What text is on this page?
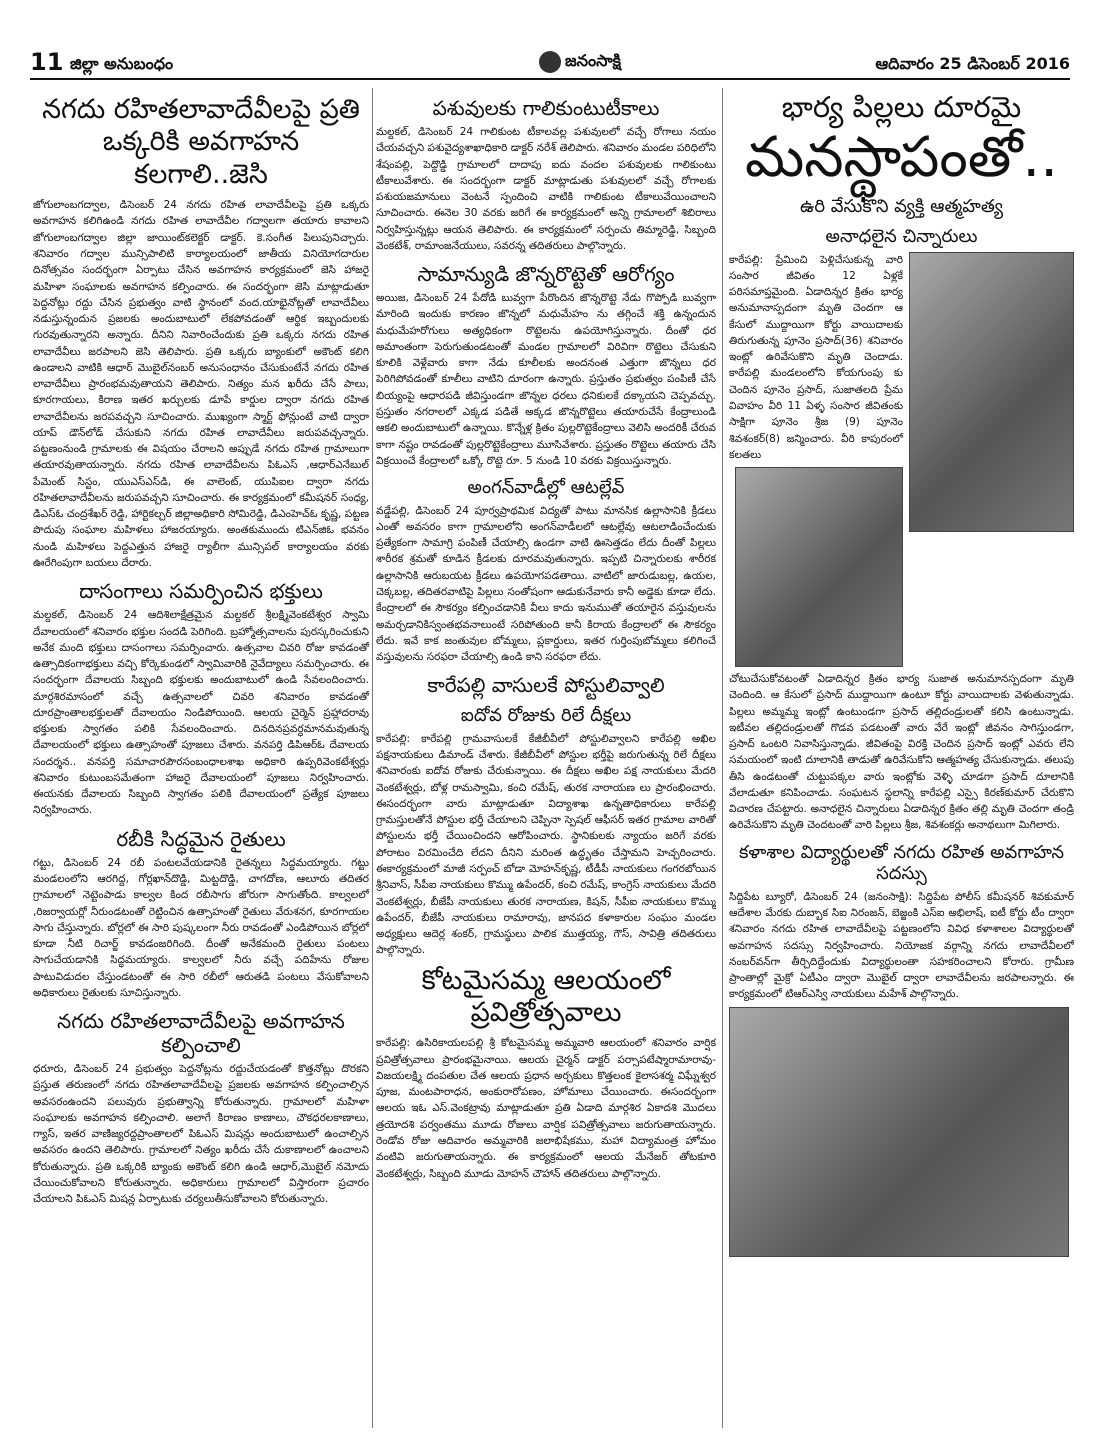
11 జిల్లా అనుబంధం	జనంసాక్షి	ఆదివారం 25 డిసెంబర్ 2016
నగదు రహితలావాదేవీలపై ప్రతి ఒక్కరికి అవగాహన కలగాలి..జెసి

జోగులాంబగద్వాల, డిసెంబర్ 24 నగదు రహిత లావాదేవీలపై ప్రతి ఒక్కరు అవగాహన కలిగిఉండి నగదు రహిత లావాదేవీల గద్వాలగా తయారు కావాలని జోగులాంబగద్వాల జిల్లా జాయింట్‌కలెక్టర్ డాక్టర్. కె.సంగీత పిలుపునిచ్చారు. శనివారం గద్వాల మున్సిపాలిటి కార్యాలయంలో జాతీయ వినియోగదారుల దినోత్సవం సందర్భంగా ఏర్పాటు చేసిన అవగాహన కార్యక్రమంలో జెసి హాజరై మహిళా సంఘాలకు అవగాహన కల్పించారు. ఈ సందర్భంగా జెసి మాట్లాడుతూ పెద్దనోట్లు రద్దు చేసిన ప్రభుత్వం వాటి స్థానంలో వంద.యాభైనోట్లతో లావాదేవీలు నడుస్తున్నందున ప్రజలకు అందుబాటులో లేకపోవడంతో ఆర్థిక ఇబ్బందులకు గురవుతున్నారని అన్నారు. దీనిని నివారించేందుకు ప్రతి ఒక్కరు నగదు రహిత లావాదేవీలు జరపాలని జెసి తెలిపారు. ప్రతి ఒక్కరు బ్యాంకులో అకౌంట్ కలిగి ఉండాలని వాటికి ఆధార్ మొబైల్‌నంబర్ అనుసంధానం చేసుకుంటేనే నగదు రహిత లావాదేవీలు ప్రారంభమవుతాయని తెలిపారు. నిత్యం మన ఖరీదు చేసే పాలు, కూరగాయలు, కిరాణ ఇతర ఖర్చులకు డూపే కార్డుల ద్వారా నగదు రహిత లావాదేవీలను జరపవచ్చని సూచించారు. ముఖ్యంగా స్మార్ట్ ఫోన్లుంటే వాటి ద్వారా యాప్ డౌన్‌లోడ్ చేసుకుని నగదు రహిత లావాదేవీలు జరుపవచ్చన్నారు. పట్టణంనుండి గ్రామాలకు ఈ విషయం చేరాలని అప్పుడే నగదు రహిత గ్రామాలుగా తయారవుతాయన్నారు. నగదు రహిత లావాదేవీలను పిఓఎస్ ,ఆధార్‌ఎనేబుల్ పేమెంట్ సిస్టం, యుఎస్‌ఎస్‌డి, ఈ వాలెంట్, యుపిఐల ద్వారా నగదు రహితలావాదేవీలను జరుపవచ్చని సూచించారు. ఈ కార్యక్రమంలో కమీషనర్ సంధ్య, డిఎస్‌ఓ చంద్రశేఖర్ రెడ్డి, హార్టికల్చర్ జిల్లాఅధికారి సోమిరెడ్డి, డిఎంహెచ్ఓ కృష్ణ, పట్టణ పొదుపు సంఘాల మహిళలు హాజరయ్యారు. అంతకుముందు టిఎన్‌జిఓ భవనం నుండి మహిళలు పెద్దఎత్తున హాజరై ర్యాలీగా మున్సిపల్ కార్యాలయం వరకు ఊరేగింపుగా బయలు దేరారు.

దాసంగాలు సమర్పించిన భక్తులు

మల్దకల్, డిసెంబర్ 24 ఆదిశిలాక్షేత్రమైన మల్దకల్ శ్రీలక్ష్మివెంకటేశ్వర స్వామి దేవాలయంలో శనివారం భక్తుల సందడి పెరిగింది. బ్రహ్మోత్సవాలను పురస్కరించుకుని అనేక మంది భక్తులు దాసంగాలు సమర్పించారు. ఉత్సవాల చివరి రోజు కావడంతో ఉత్సాదికంగాభక్తులు వచ్చి కోర్కెకుండలో స్వామివారికి నైవేద్యాలు సమర్పించారు. ఈ సందర్భంగా దేవాలయ సిబ్బంది భక్తులకు అందుబాటులో ఉండి సేవలందించారు. మార్గశిరమాసంలో వచ్చే ఉత్సవాలలో చివరి శనివారం కావడంతో దూరప్రాంతాలభక్తులతో దేవాలయం నిండిపోయింది. ఆలయ చైర్మెన్ ప్రహ్లాదరావు భక్తులకు స్వాగతం పలికి సేవలందించారు. దినదినప్రవర్ధమానమవుతున్న దేవాలయంలో భక్తులు ఉత్సాహంతో పూజలు చేశారు. వనపర్తి డిపిఆర్‌ఓ దేవాలయ సందర్శన.. వనపర్తి సమాచారపౌరసంబంధాలశాఖ అధికారి ఉప్పరివెంకటేశ్వర్లు శనివారం కుటుంబసమేతంగా హాజరై దేవాలయంలో పూజలు నిర్వహించారు. ఈయనకు దేవాలయ సిబ్బంది స్వాగతం పలికి దేవాలయంలో ప్రత్యేక పూజలు నిర్వహించారు.

రబీకి సిద్ధమైన రైతులు

గట్టు, డిసెంబర్ 24 రబీ పంటలవేయడానికి రైతన్నలు సిద్ధమయ్యారు. గట్టు మండలంలోని ఆరగిద్ద, గోర్లఖాన్‌దొడ్డి, మిట్టదొడ్డి, చాగదోణ, ఆలూరు తదితర గ్రామాలలో నెట్టెంపాడు కాల్వల కింద రబీసాగు జోరుగా సాగుతోంది. కాల్వలలో ,రిజర్వాయర్లో నీరుండటంతో రెట్టించిన ఉత్సాహంతో రైతులు వేరుశనగ, కూరగాయల సాగు చేస్తున్నారు. బోర్లలో ఈ సారి పుష్కలంగా నీరు రావడంతో ఎండిపోయిన బోర్లలో కూడా నీటి రిచార్జ్ కావడంజరిగింది. దీంతో అనేకమంది రైతులు పంటలు సాగుచేయడానికి సిద్ధమయ్యారు. కాల్వలలో నీరు వచ్చే పదిహేను రోజుల పాటువిడుదల చేస్తుండటంతో ఈ సారి రబీలో ఆరుతడి పంటలు వేసుకోవాలని అధికారులు రైతులకు సూచిస్తున్నారు.

నగదు రహితలావాదేవీలపై అవగాహన కల్పించాలి

ధరూరు, డిసెంబర్ 24 ప్రభుత్వం పెద్దనోట్లను రద్దుచేయడంతో కొత్తనోట్లు దొరకని ప్రస్తుత తరుణంలో నగదు రహితలావాదేవీలపై ప్రజలకు అవగాహన కల్పించాల్సిన అవసరంఉందని పలువురు ప్రభుత్వాన్ని కోరుతున్నారు. గ్రామాలలో మహిళా సంఘాలకు అవగాహన కల్పించాలి. అలాగే కిరాణం కాణాలు, చౌకధరలకాణాలు, గ్యాస్, ఇతర వాణిజ్యరద్దప్రాంతాలలో పిఓఎస్ మిషన్లు అందుబాటులో ఉంచాల్సిన అవసరం ఉందని తెలిపారు. గ్రామాలలో నిత్యం ఖరీదు చేసే దుకాణాలలో ఉంచాలని కోరుతున్నారు. ప్రతి ఒక్కరికి బ్యాంకు అకౌంట్ కలిగి ఉండి ఆధార్,మొబైల్ నమోదు చేయించుకోవాలని కోరుతున్నారు. అధికారులు గ్రామాలలో విస్తారంగా ప్రచారం చేయాలని పిఓఎస్ మిషన్ల ఏర్పాటుకు చర్యలుతీసుకోవాలని కోరుతున్నారు.

పశువులకు గాలికుంటుటీకాలు

మల్దకల్, డిసెంబర్ 24 గాలికుంట టీకాలవల్ల పశువులలో వచ్చే రోగాలు నయం చేయవచ్చని పశువైద్యశాఖాధికారి డాక్టర్ నరేశ్ తెలిపారు. శనివారం మండల పరిధిలోని శేషంపల్లి, పెద్దొడ్డి గ్రామాలలో దాదాపు ఐదు వందల పశువులకు గాలికుంటు టీకాలువేశారు. ఈ సందర్భంగా డాక్టర్ మాట్లాడుతు పశువులలో వచ్చే రోగాలకు పశుయజమానులు వెంటనే స్పందించి వాటికి గాలికుంట టీకాలువేయించాలని సూచించారు. ఈనెల 30 వరకు జరిగే ఈ కార్యక్రమంలో అన్ని గ్రామాలలో శిబిరాలు నిర్వహిస్తున్నట్లు ఆయన తెలిపారు. ఈ కార్యక్రమంలో సర్పంచు తిమ్మారెడ్డి, సిబ్బంది వెంకటేశ్, రామాంజనేయులు, సవరన్న తదితరులు పాల్గొన్నారు.

సామాన్యుడి జొన్నరొట్టెతో ఆరోగ్యం

అయిజ, డిసెంబర్ 24 పేదోడి బువ్వగా పేరొందిన జొన్నరొట్టె నేడు గొప్పోడి బువ్వగా మారింది ఇందుకు కారణం జొన్నలో మధుమేహం ను తగ్గించే శక్తి ఉన్నందున మధుమేహరోగులు అత్యధికంగా రొట్టెలను ఉపయోగిస్తున్నారు. దీంతో ధర అమాంతంగా పెరుగుతుండటంతో మండల గ్రామాలలో విరివిగా రొట్టెలు చేసుకుని కూలికి వెళ్లేవారు కాగా నేడు కూలీలకు అందనంత ఎత్తుగా జొన్నలు ధర పెరిగిపోవడంతో కూలీలు వాటిని దూరంగా ఉన్నారు. ప్రస్తుతం ప్రభుత్వం పంపిణీ చేసే బియ్యంపై ఆధారపడి జీవిస్తుండగా జొన్నల ధరలు ధనికులకే దక్కాయని చెప్పవచ్చు. ప్రస్తుతం నగరాలలో ఎక్కడ పడితే అక్కడ జొన్నరొట్టెలు తయారుచేసే కేంద్రాలుండి ఆకలి అందుబాటులో ఉన్నాయి. కొన్నేళ్ల క్రితం పుల్లరొట్టెకేంద్రాలు వెలిసి అందరికీ చేరువ కాగా నష్టం రావడంతో పుల్లరొట్టెకేంద్రాలు మూసివేశారు. ప్రస్తుతం రొట్టెలు తయారు చేసి విక్రయించే కేంద్రాలలో ఒక్కో రొట్టె రూ. 5 నుండి 10 వరకు విక్రయిస్తున్నారు.

అంగన్‌వాడీల్లో ఆటల్లేవ్

వడ్డేపల్లి, డిసెంబర్ 24 పూర్వప్రాథమిక విద్యతో పాటు మానసిక ఉల్లాసానికి క్రీడలు ఎంతో అవసరం కాగా గ్రామాలలోని అంగన్‌వాడీలలో ఆటల్లేవు ఆటలాడించేందుకు ప్రత్యేకంగా సామాగ్రి పంపిణీ చేయాల్సి ఉండగా వాటి ఊసెత్తడం లేదు దీంతో పిల్లలు శారీరక శ్రమతో కూడిన క్రీడలకు దూరమవుతున్నారు. ఇప్పటి చిన్నారులకు శారీరక ఉల్లాసానికి ఆరుబయట క్రీడలు ఉపయోగపడతాయి. వాటిలో జారుడుబల్ల, ఉయల, చెక్కబల్ల, తదితరవాటిపై పిల్లలు సంతోషంగా ఆడుకునేవారు కానీ అడ్డెకు కూడా లేదు. కేంద్రాలలో ఈ సౌకర్యం కల్పించడానికి వీలు కాదు ఇనుముతో తయారైన వస్తువులను అమర్చడానికిస్వంతభవనాలుంటే సరిపోతుంది కానీ కిరాయ కేంద్రాలలో ఈ సౌకర్యం లేదు. ఇవే కాక జంతువుల బోమ్మలు, ప్లకార్డులు, ఇతర గుర్తింపుబోమ్మలు కలిగించే వస్తువులను సరఫరా చేయాల్సి ఉండి కాని సరఫరా లేదు.

కారేపల్లి వాసులకే పోస్టులివ్వాలి
ఐదోవ రోజుకు రిలే దీక్షలు

కారేపల్లి: కారేపల్లి గ్రామవాసులకే కేజీబీవీలో పోస్టులివ్వాలని కారేపల్లి అఖిల పక్షనాయకులు డిమాండ్ చేశారు. కేజీబీవీలో పోస్టుల భర్తీపై జరుగుతున్న రిలే దీక్షలు శనివారంకు ఐదోవ రోజుకు చేరుకున్నాయి. ఈ దీక్షలు అఖిల పక్ష నాయకులు మేదరి వెంకటేశ్వర్లు, బోళ్ల రామస్వామి, కంచి రమేష్, తురక నారాయణ లు ప్రారంభించారు. ఈసందర్భంగా వారు మాట్లాడుతూ విద్యాశాఖ ఉన్నతాధికారులు కారేపల్లి గ్రామస్తులతోనే పోస్టుల భర్తీ చేయాలని చెప్పినా స్పెషల్ ఆఫీసర్ ఇతర గ్రామాల వారితో పోస్టులను భర్తీ చేయించిందని ఆరోపించారు. స్థానికులకు న్యాయం జరిగే వరకు పోరాటం విరమించేది లేదని దీనిని మరింత ఉద్ధృతం చేస్తామని హెచ్చరించారు. ఈకార్యక్రమంలో మాజీ సర్పంచ్ బోడా మోహన్‌కృష్ణ, టీడీపీ నాయకులు గంగరబోయిన శ్రీనివాస్, సీపీఐ నాయకులు కొమ్ము ఉపేందర్, కంచి రమేష్, కాంగ్రెస్ నాయకులు మేదరి వెంకటేశ్వర్లు, బీజేపీ నాయకులు తురక నారాయణ, కిషన్, సీపీఐ నాయకులు కొమ్ము ఉపేందర్, బీజేపీ నాయకులు రామారావు, జానపద కళాకారుల సంఘం మండల అధ్యక్షులు ఆదెర్ల శంకర్, గ్రామస్థులు పాలిక ముత్తయ్య, గౌస్, సావిత్రి తదితరులు పాల్గొన్నారు.

కోటమైసమ్మ ఆలయంలో ప్రవిత్రోత్సవాలు

కారేపల్లి: ఉసిరికాయలపల్లి శ్రీ కోటమైసమ్మ అమ్మవారి ఆలయంలో శనివారం వార్షిక ప్రవిత్రోత్సవాలు ప్రారంభమైనాయి. ఆలయ చైర్మన్ డాక్టర్ పర్సాపటేష్మారామారావు-విజయలక్ష్మి దంపతుల చేత ఆలయ ప్రధాన అర్చకులు కొత్తలంక కైలాసశర్మ విఘ్నేశ్వర పూజ, మంటపారాధన, అంకురారోపణం, హోమాలు చేయించారు. ఈసందర్భంగా ఆలయ ఇఓ ఎస్.వెంకట్రావు మాట్లాడుతూ ప్రతి ఏడాది మార్గశిర ఏకాదశి మొదలు త్రయోదశి పర్వంతము మూడు రోజులు వార్షిక పవిత్రోత్సవాలు జరుగుతాయన్నారు. రెండోవ రోజు ఆదివారం అమ్మవారికి జలాభిషేకము, మహా విద్యామంత్ర హోమం వంటివి జరుగుతాయన్నారు. ఈ కార్యక్రమంలో ఆలయ మేనేజర్ తోటకూరి వెంకటేశ్వర్లు, సిబ్బంది మూడు మోహన్ చౌహాన్ తదితరులు పాల్గొన్నారు.

భార్య పిల్లలు దూరమై
మనస్థాపంతో..
ఉరి వేసుకొని వ్యక్తి ఆత్మహత్య
అనాధలైన చిన్నారులు

కారేపల్లి: ప్రేమించి పెళ్లిచేసుకున్న వారి సంసార జీవితం 12 ఏళ్లకే పరిసమాప్తమైంది. ఏడాదిన్నర క్రితం భార్య అనుమానాస్పదంగా మృతి చెందగా ఆ కేసులో ముద్దాయిగా కోర్టు వాయిదాలకు తిరుగుతున్న పూనెం ప్రసాద్(36) శనివారం ఇంట్లో ఉరివేసుకొని మృతి చెందాడు. కారేపల్లి మండలంలోని కోయగుంపు కు చెందిన పూనెం ప్రసాద్, సుజాతలది ప్రేమ వివాహం వీరి 11 ఏళ్ళ సంసార జీవితంకు సాక్షిగా పూనెం శ్రీజ (9) పూనెం శివశంకర్(8) జన్మించారు. వీరి కాపురంలో కలతలు

చోటుచేసుకోవటంతో ఏడాదిన్నర క్రితం భార్య సుజాత అనుమానస్పదంగా మృతి చెందింది. ఆ కేసులో ప్రసాద్ ముద్దాయిగా ఉంటూ కోర్టు వాయిదాలకు వెళుతున్నాడు. పిల్లలు అమ్మమ్మ ఇంట్లో ఉంటుండగా ప్రసాద్ తల్లిదండ్రులతో కలిసి ఉంటున్నాడు. ఇటీవల తల్లిదండ్రులతో గొడవ పడటంతో వారు వేరే ఇంట్లో జీవనం సాగిస్తుండగా, ప్రసాద్ ఒంటరి నివాసిస్తున్నాడు. జీవితంపై విరక్తి చెందిన ప్రసాద్ ఇంట్లో ఎవరు లేని సమయంలో ఇంటి దూలానికి తాడుతో ఉరివేసుకోని ఆత్మహత్య చేసుకున్నాడు. తలుపు తీసి ఉండటంతో చుట్టుపక్కల వారు ఇంట్లోకు వెళ్ళి చూడగా ప్రసాద్ దూలానికి వేలాడుతూ కనిపించాడు. సంఘటన స్థలాన్ని కారేపల్లి ఎస్సై కిరణ్‌కుమార్ చేరుకొని విచారణ చేపట్టారు. అనాధలైన చిన్నారులు ఏడాదిన్నర క్రితం తల్లి మృతి చెందగా తండ్రి ఉరివేసుకొని మృతి చెందటంతో వారి పిల్లలు శ్రీజ, శివశంకర్లు అనాథలుగా మిగిలారు.

కళాశాల విద్యార్థులతో నగదు రహిత అవగాహన సదస్సు

సిద్దిపేట బ్యూరో, డిసెంబర్ 24 (జనంసాక్షి): సిద్దిపేట పోలీస్ కమీషనర్ శివకుమార్ ఆదేశాల మేరకు దుబ్బాక సిఐ నిరంజన్, బెజ్జంకి ఎస్ఐ అభిలాష్, ఐటీ కోర్టు టీం ద్వారా శనివారం నగదు రహిత లావాదేవీలపై పట్టణంలోని వివిధ కళాశాలల విద్యార్థులతో అవగాహన సదస్సు నిర్వహించారు. నియోజక వర్గాన్ని నగదు లావాదేవీలలో నంబర్‌వన్‌గా తీర్చిదిద్దేందుకు విద్యార్థులంతా సహకరించాలని కోరారు. గ్రామీణ ప్రాంతాల్లో మైక్రో ఏటీఎం ద్వారా మొబైల్ ద్వారా లావాదేవీలను జరపాలన్నారు. ఈ కార్యక్రమంలో టిఆర్‌ఎస్వి నాయకులు మహేశ్ పాల్గొన్నారు.
